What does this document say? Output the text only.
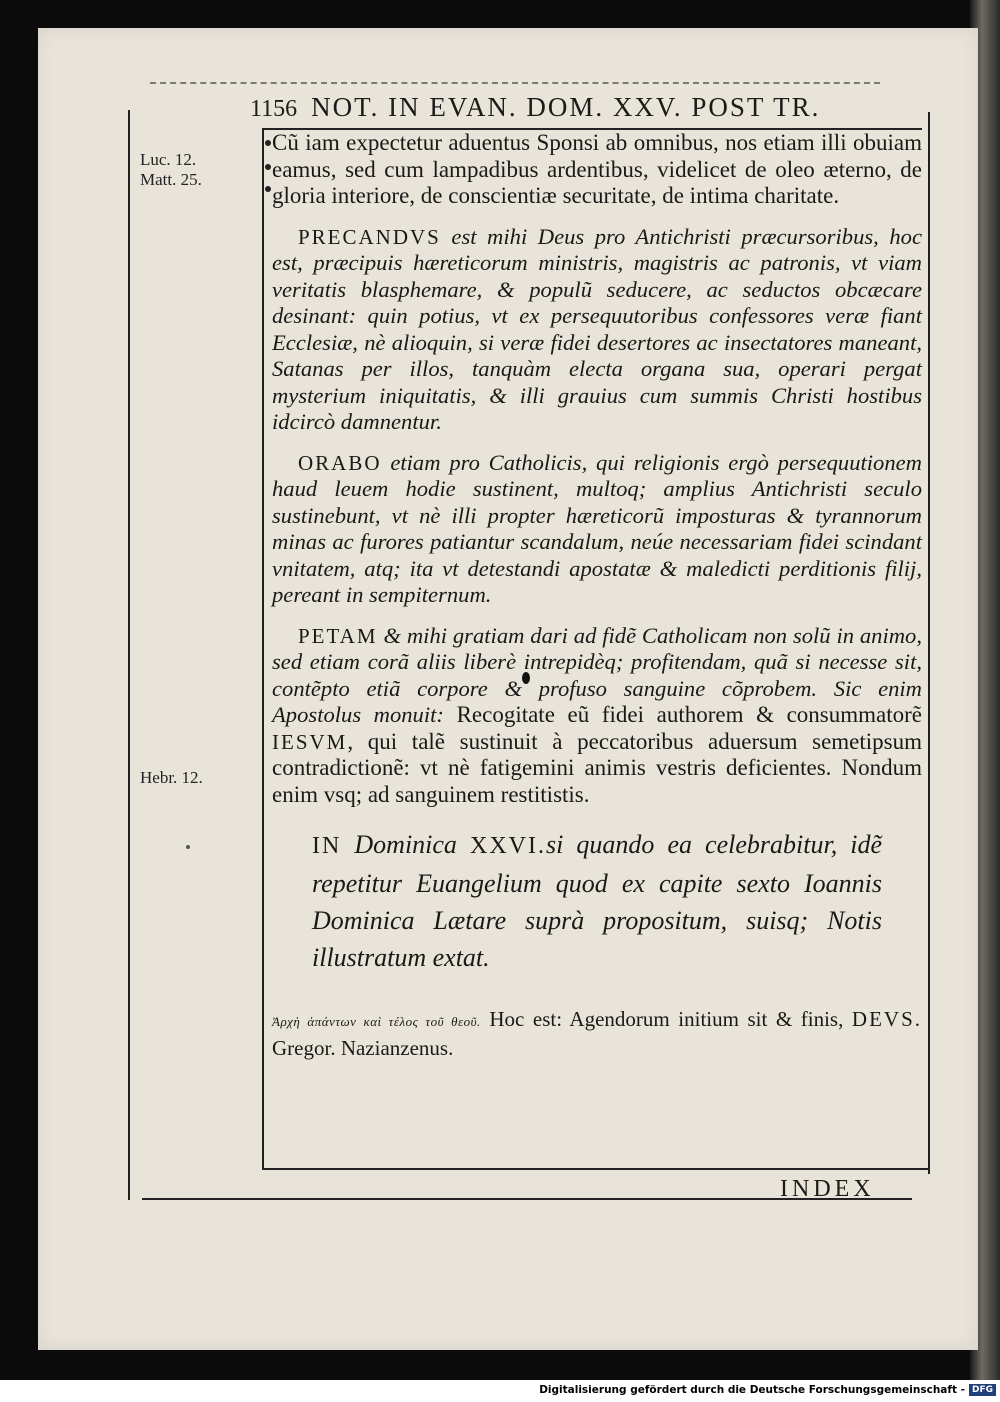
1156 NOT. IN EVAN. DOM. XXV. POST TR.
Luc. 12.
Matt. 25.
Hebr. 12.

Cũ iam expectetur aduentus Sponsi ab omnibus, nos etiam illi obuiam eamus, sed cum lampadibus ardentibus, videlicet de oleo æterno, de gloria interiore, de conscientiæ securitate, de intima charitate.

PRECANDVS est mihi Deus pro Antichristi præcursoribus, hoc est, præcipuis hæreticorum ministris, magistris ac patronis, vt viam veritatis blasphemare, & populũ seducere, ac seductos obcæcare desinant: quin potius, vt ex persequutoribus confessores veræ fiant Ecclesiæ, nè alioquin, si veræ fidei desertores ac insectatores maneant, Satanas per illos, tanquàm electa organa sua, operari pergat mysterium iniquitatis, & illi grauius cum summis Christi hostibus idcircò damnentur.

ORABO etiam pro Catholicis, qui religionis ergò persequutionem haud leuem hodie sustinent, multoq; amplius Antichristi seculo sustinebunt, vt nè illi propter hæreticorũ imposturas & tyrannorum minas ac furores patiantur scandalum, neúe necessariam fidei scindant vnitatem, atq; ita vt detestandi apostatæ & maledicti perditionis filij, pereant in sempiternum.

PETAM & mihi gratiam dari ad fidẽ Catholicam non solũ in animo, sed etiam corã aliis liberè intrepidèq; profitendam, quã si necesse sit, contẽpto etiã corpore & profuso sanguine cõprobem. Sic enim Apostolus monuit: Recogitate eũ fidei authorem & consummatorẽ IESVM, qui talẽ sustinuit à peccatoribus aduersum semetipsum contradictionẽ: vt nè fatigemini animis vestris deficientes. Nondum enim vsq; ad sanguinem restitistis.

IN Dominica XXVI.si quando ea celebrabitur, idẽ repetitur Euangelium quod ex capite sexto Ioannis Dominica Lætare suprà propositum, suisq; Notis illustratum extat.

Ἀρχὴ ἁπάντων καὶ τέλος τοῦ θεοῦ. Hoc est: Agendorum initium sit & finis, DEVS. Gregor. Nazianzenus.

INDEX
Digitalisierung gefördert durch die Deutsche Forschungsgemeinschaft - DFG
